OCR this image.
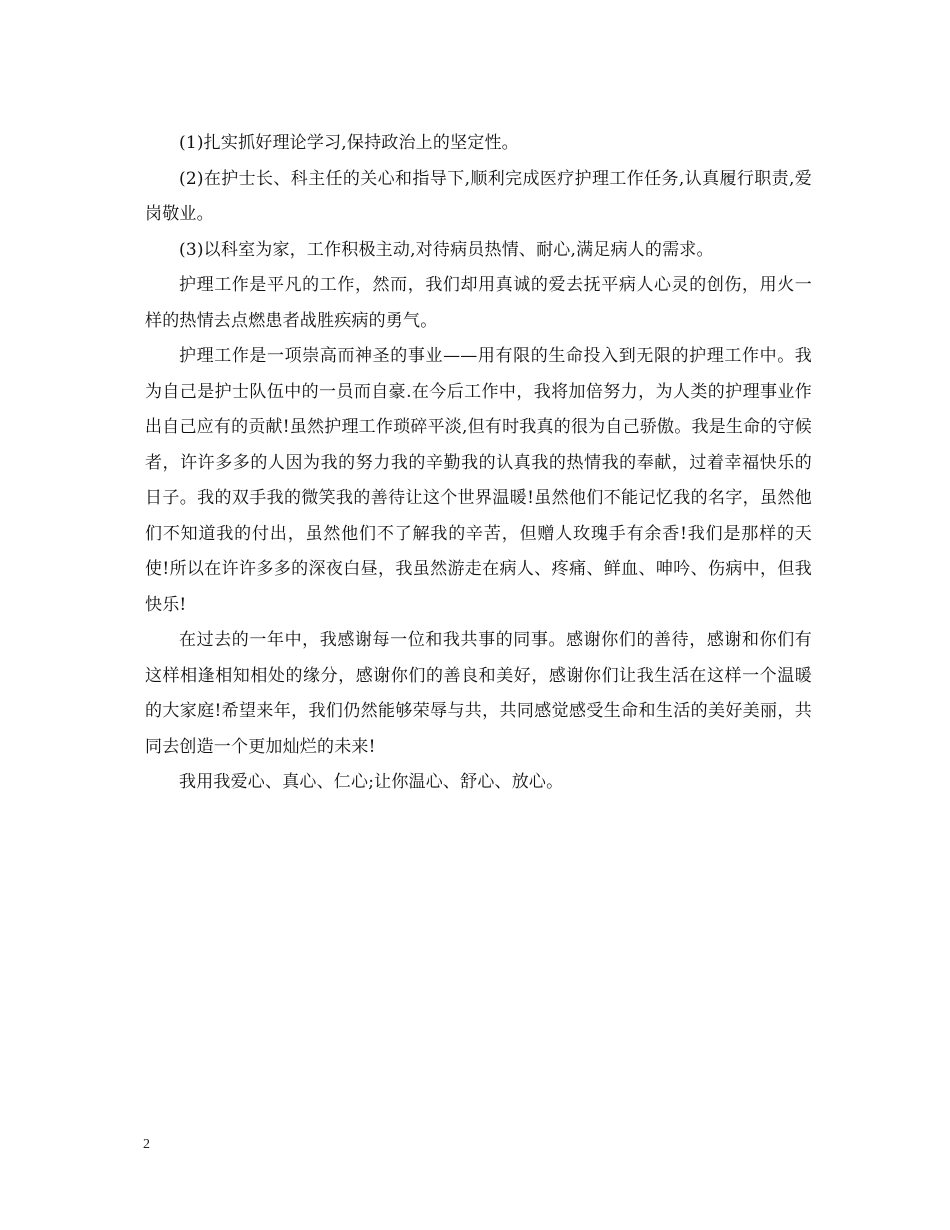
(1)扎实抓好理论学习,保持政治上的坚定性。

(2)在护士长、科主任的关心和指导下,顺利完成医疗护理工作任务,认真履行职责,爱岗敬业。

(3)以科室为家，工作积极主动,对待病员热情、耐心,满足病人的需求。

护理工作是平凡的工作，然而，我们却用真诚的爱去抚平病人心灵的创伤，用火一样的热情去点燃患者战胜疾病的勇气。

护理工作是一项崇高而神圣的事业——用有限的生命投入到无限的护理工作中。我为自己是护士队伍中的一员而自豪.在今后工作中，我将加倍努力，为人类的护理事业作出自己应有的贡献!虽然护理工作琐碎平淡,但有时我真的很为自己骄傲。我是生命的守候者，许许多多的人因为我的努力我的辛勤我的认真我的热情我的奉献，过着幸福快乐的日子。我的双手我的微笑我的善待让这个世界温暖!虽然他们不能记忆我的名字，虽然他们不知道我的付出，虽然他们不了解我的辛苦，但赠人玫瑰手有余香!我们是那样的天使!所以在许许多多的深夜白昼，我虽然游走在病人、疼痛、鲜血、呻吟、伤病中，但我快乐!

在过去的一年中，我感谢每一位和我共事的同事。感谢你们的善待，感谢和你们有这样相逢相知相处的缘分，感谢你们的善良和美好，感谢你们让我生活在这样一个温暖的大家庭!希望来年，我们仍然能够荣辱与共，共同感觉感受生命和生活的美好美丽，共同去创造一个更加灿烂的未来!

我用我爱心、真心、仁心;让你温心、舒心、放心。

2
